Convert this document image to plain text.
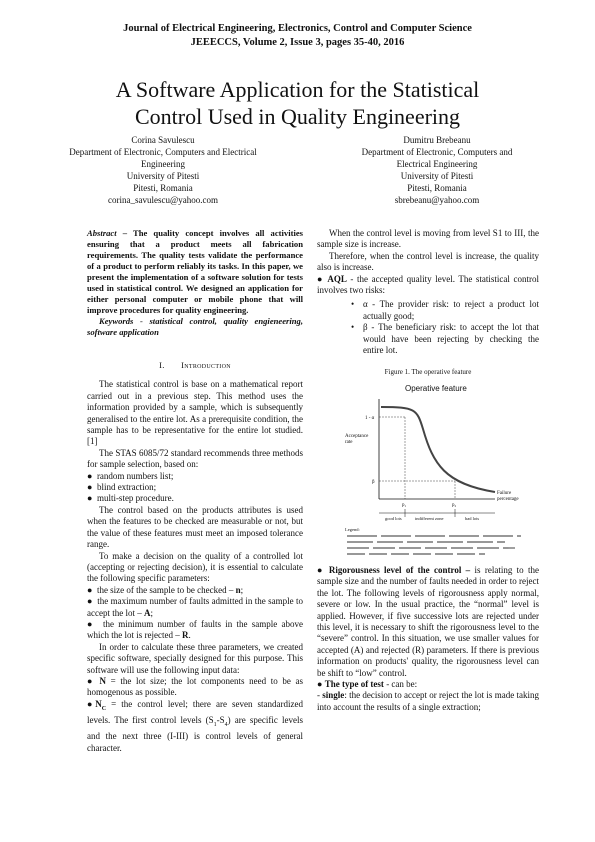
Journal of Electrical Engineering, Electronics, Control and Computer Science
JEEECCS, Volume 2, Issue 3, pages 35-40, 2016
A Software Application for the Statistical
Control Used in Quality Engineering
Corina Savulescu
Department of Electronic, Computers and Electrical
Engineering
University of Pitesti
Pitesti, Romania
corina_savulescu@yahoo.com
Dumitru Brebeanu
Department of Electronic, Computers and
Electrical Engineering
University of Pitesti
Pitesti, Romania
sbrebeanu@yahoo.com

Abstract – The quality concept involves all activities ensuring that a product meets all fabrication requirements. The quality tests validate the performance of a product to perform reliably its tasks. In this paper, we present the implementation of a software solution for tests used in statistical control. We designed an application for either personal computer or mobile phone that will improve procedures for quality engineering.

Keywords - statistical control, quality engieneering, software application

I. Introduction

The statistical control is base on a mathematical report carried out in a previous step. This method uses the information provided by a sample, which is subsequently generalised to the entire lot. As a prerequisite condition, the sample has to be representative for the entire lot studied. [1]

The STAS 6085/72 standard recommends three methods for sample selection, based on:

●  random numbers list;

●  blind extraction;

●  multi-step procedure.

The control based on the products attributes is used when the features to be checked are measurable or not, but the value of these features must meet an imposed tolerance range.

To make a decision on the quality of a controlled lot (accepting or rejecting decision), it is essential to calculate the following specific parameters:

●  the size of the sample to be checked – n;

●  the maximum number of faults admitted in the sample to accept the lot – A;

●  the minimum number of faults in the sample above which the lot is rejected – R.

In order to calculate these three parameters, we created specific software, specially designed for this purpose. This software will use the following input data:

● N = the lot size; the lot components need to be as homogenous as possible.

$●N_C$ = the control level; there are seven standardized levels. The first control levels $(S_1-S_4)$ are specific levels and the next three (I-III) is control levels of general character.

When the control level is moving from level S1 to III, the sample size is increase.

Therefore, when the control level is increase, the quality also is increase.

● AQL - the accepted quality level. The statistical control involves two risks:

• α - The provider risk: to reject a product lot actually good;
• β - The beneficiary risk: to accept the lot that would have been rejecting by checking the entire lot.

Figure 1. The operative feature

Operative feature
Acceptance
rate
1 - α
β
p₁	p₂
Failure
percentage
good lots	indifferent zone	bad lots
Legend:

● Rigorousness level of the control – is relating to the sample size and the number of faults needed in order to reject the lot. The following levels of rigorousness apply normal, severe or low. In the usual practice, the “normal” level is applied. However, if five successive lots are rejected under this level, it is necessary to shift the rigorousness level to the “severe” control. In this situation, we use smaller values for accepted (A) and rejected (R) parameters. If there is previous information on products' quality, the rigorousness level can be shift to “low” control.

● The type of test - can be:

- single: the decision to accept or reject the lot is made taking into account the results of a single extraction;
